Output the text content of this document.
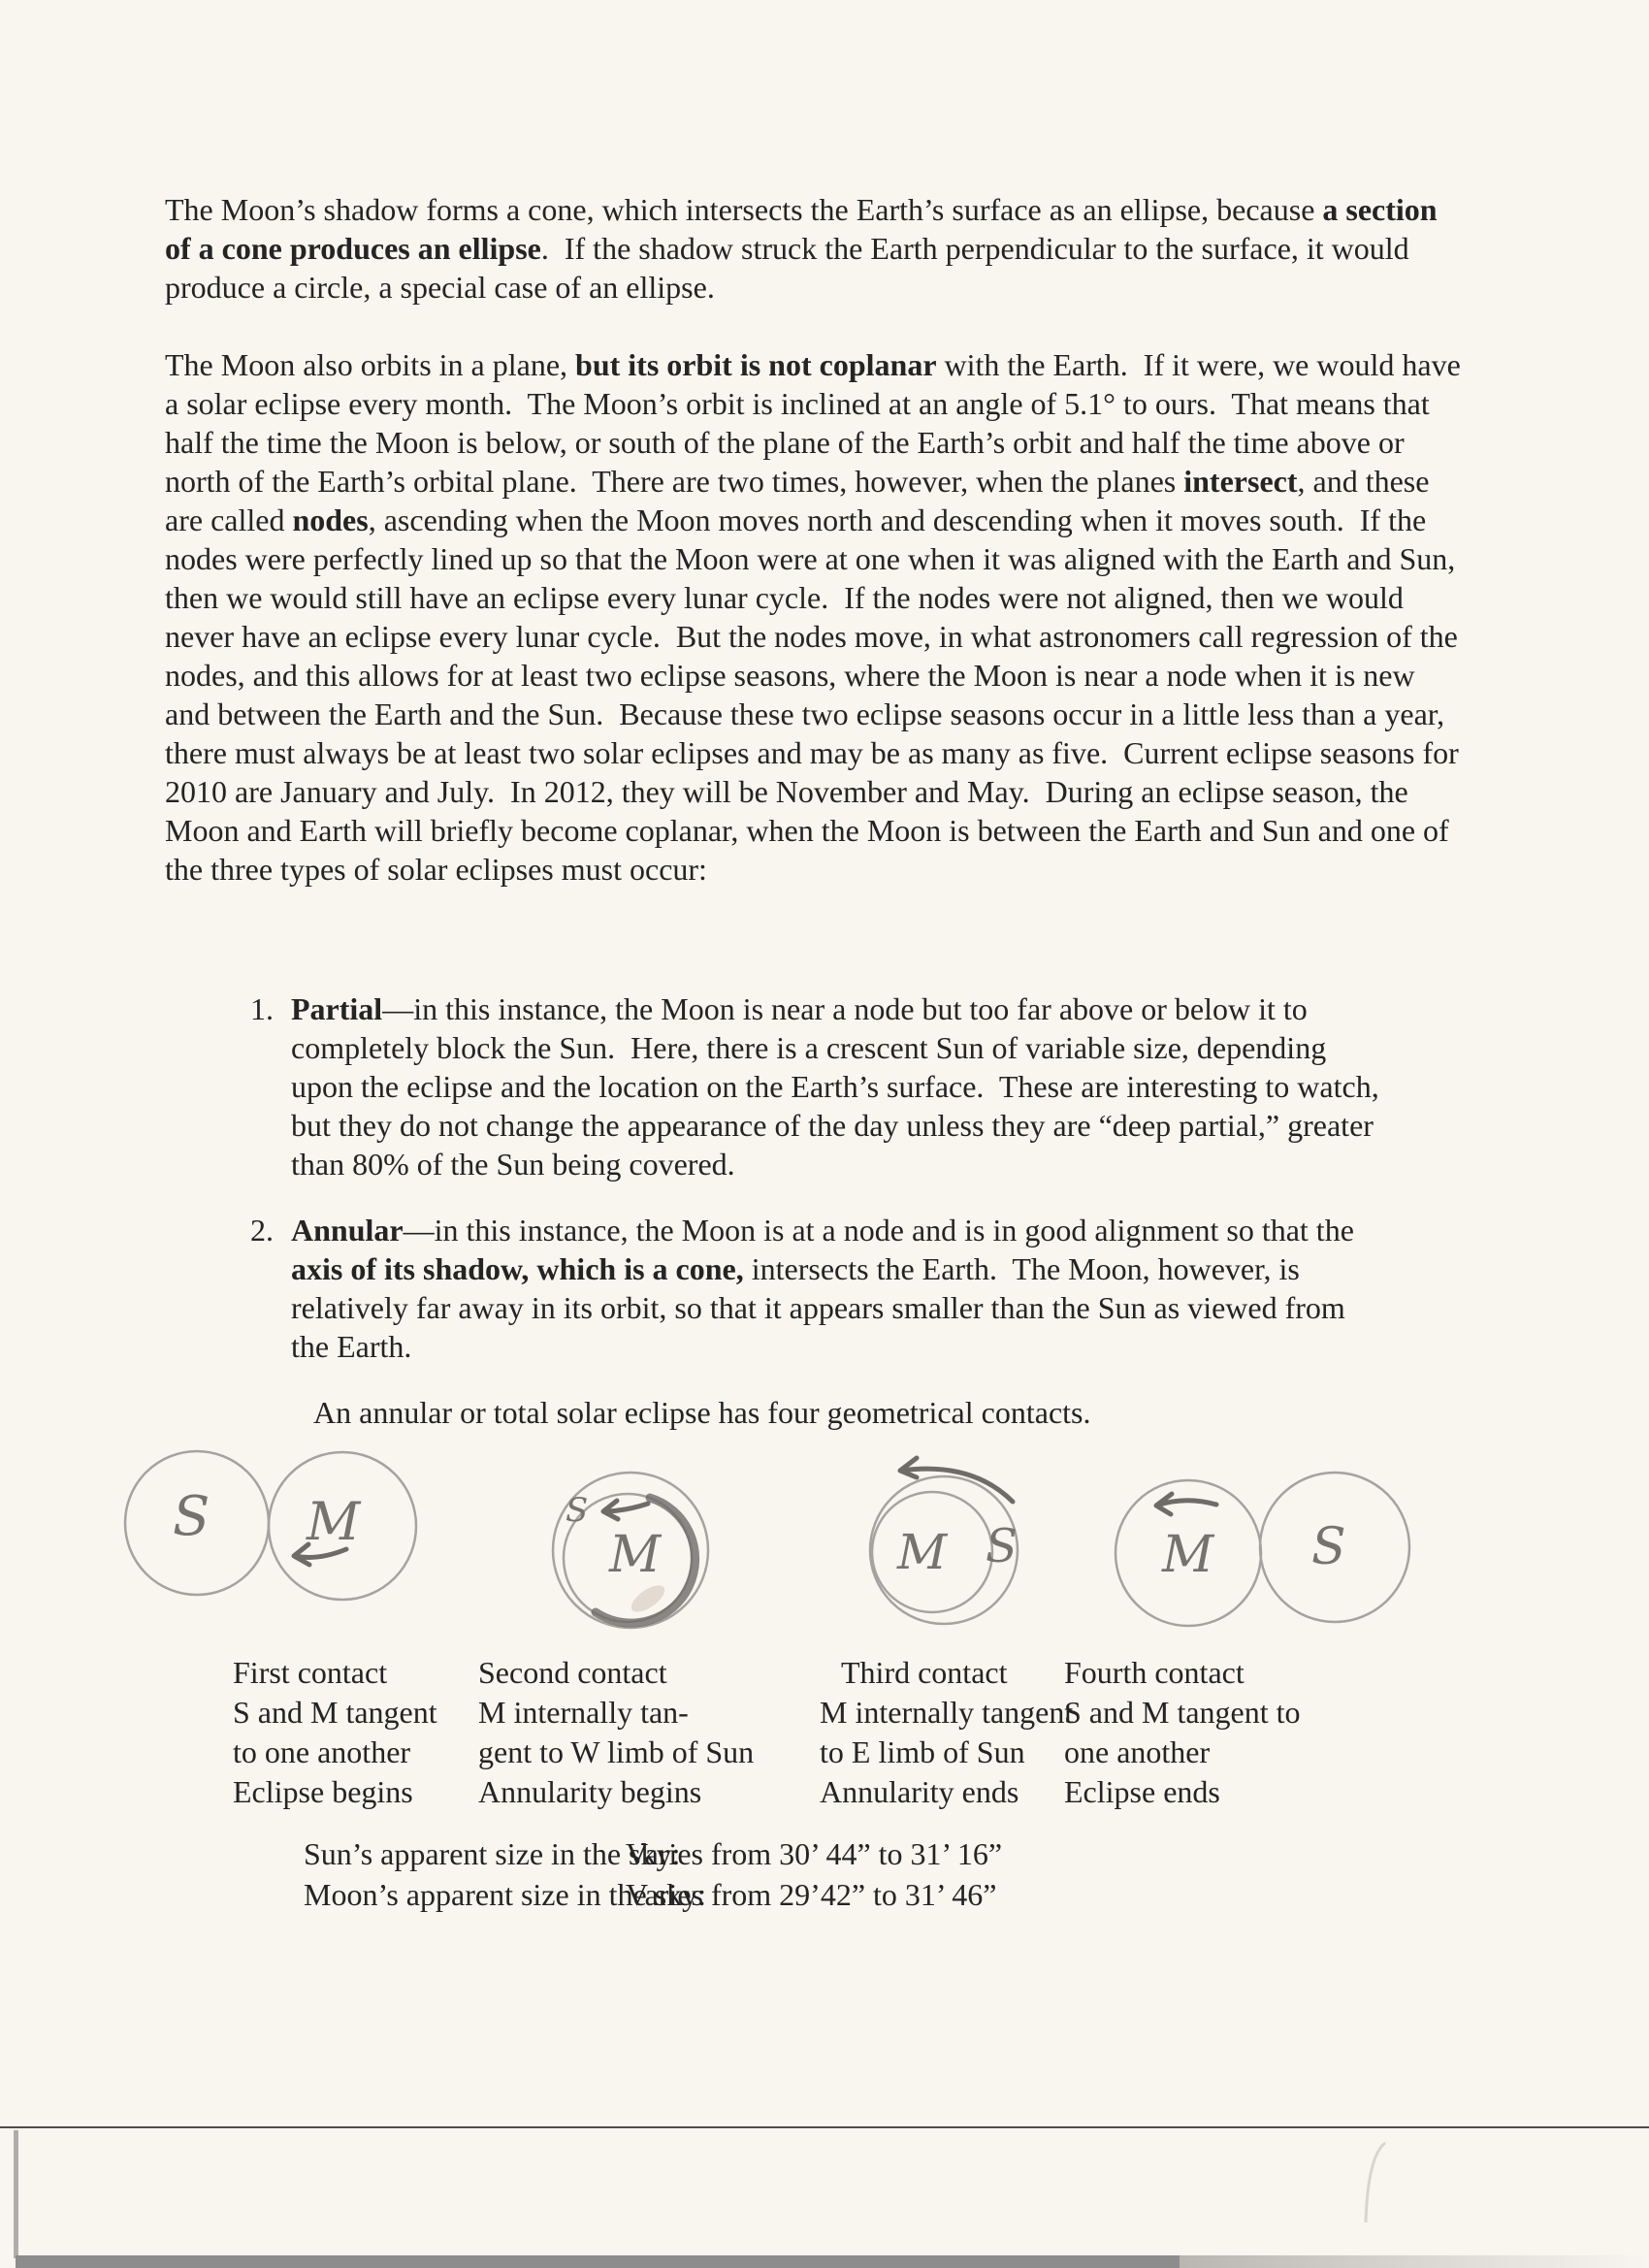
The Moon’s shadow forms a cone, which intersects the Earth’s surface as an ellipse, because a section of a cone produces an ellipse.  If the shadow struck the Earth perpendicular to the surface, it would produce a circle, a special case of an ellipse.
The Moon also orbits in a plane, but its orbit is not coplanar with the Earth.  If it were, we would have a solar eclipse every month.  The Moon’s orbit is inclined at an angle of 5.1° to ours.  That means that half the time the Moon is below, or south of the plane of the Earth’s orbit and half the time above or north of the Earth’s orbital plane.  There are two times, however, when the planes intersect, and these are called nodes, ascending when the Moon moves north and descending when it moves south.  If the nodes were perfectly lined up so that the Moon were at one when it was aligned with the Earth and Sun, then we would still have an eclipse every lunar cycle.  If the nodes were not aligned, then we would never have an eclipse every lunar cycle.  But the nodes move, in what astronomers call regression of the nodes, and this allows for at least two eclipse seasons, where the Moon is near a node when it is new and between the Earth and the Sun.  Because these two eclipse seasons occur in a little less than a year, there must always be at least two solar eclipses and may be as many as five.  Current eclipse seasons for 2010 are January and July.  In 2012, they will be November and May.  During an eclipse season, the Moon and Earth will briefly become coplanar, when the Moon is between the Earth and Sun and one of the three types of solar eclipses must occur:
1. Partial—in this instance, the Moon is near a node but too far above or below it to completely block the Sun.  Here, there is a crescent Sun of variable size, depending upon the eclipse and the location on the Earth’s surface.  These are interesting to watch, but they do not change the appearance of the day unless they are “deep partial,” greater than 80% of the Sun being covered.
2. Annular—in this instance, the Moon is at a node and is in good alignment so that the axis of its shadow, which is a cone, intersects the Earth.  The Moon, however, is relatively far away in its orbit, so that it appears smaller than the Sun as viewed from the Earth.
An annular or total solar eclipse has four geometrical contacts.
S M	S
M	M S	M S
First contact
S and M tangent
to one another
Eclipse begins
Second contact
M internally tan-
gent to W limb of Sun
Annularity begins
Third contact
M internally tangent
to E limb of Sun
Annularity ends
Fourth contact
S and M tangent to
one another
Eclipse ends
Sun’s apparent size in the sky:
Varies from 30’ 44” to 31’ 16”
Moon’s apparent size in the sky:
Varies from 29’42” to 31’ 46”
